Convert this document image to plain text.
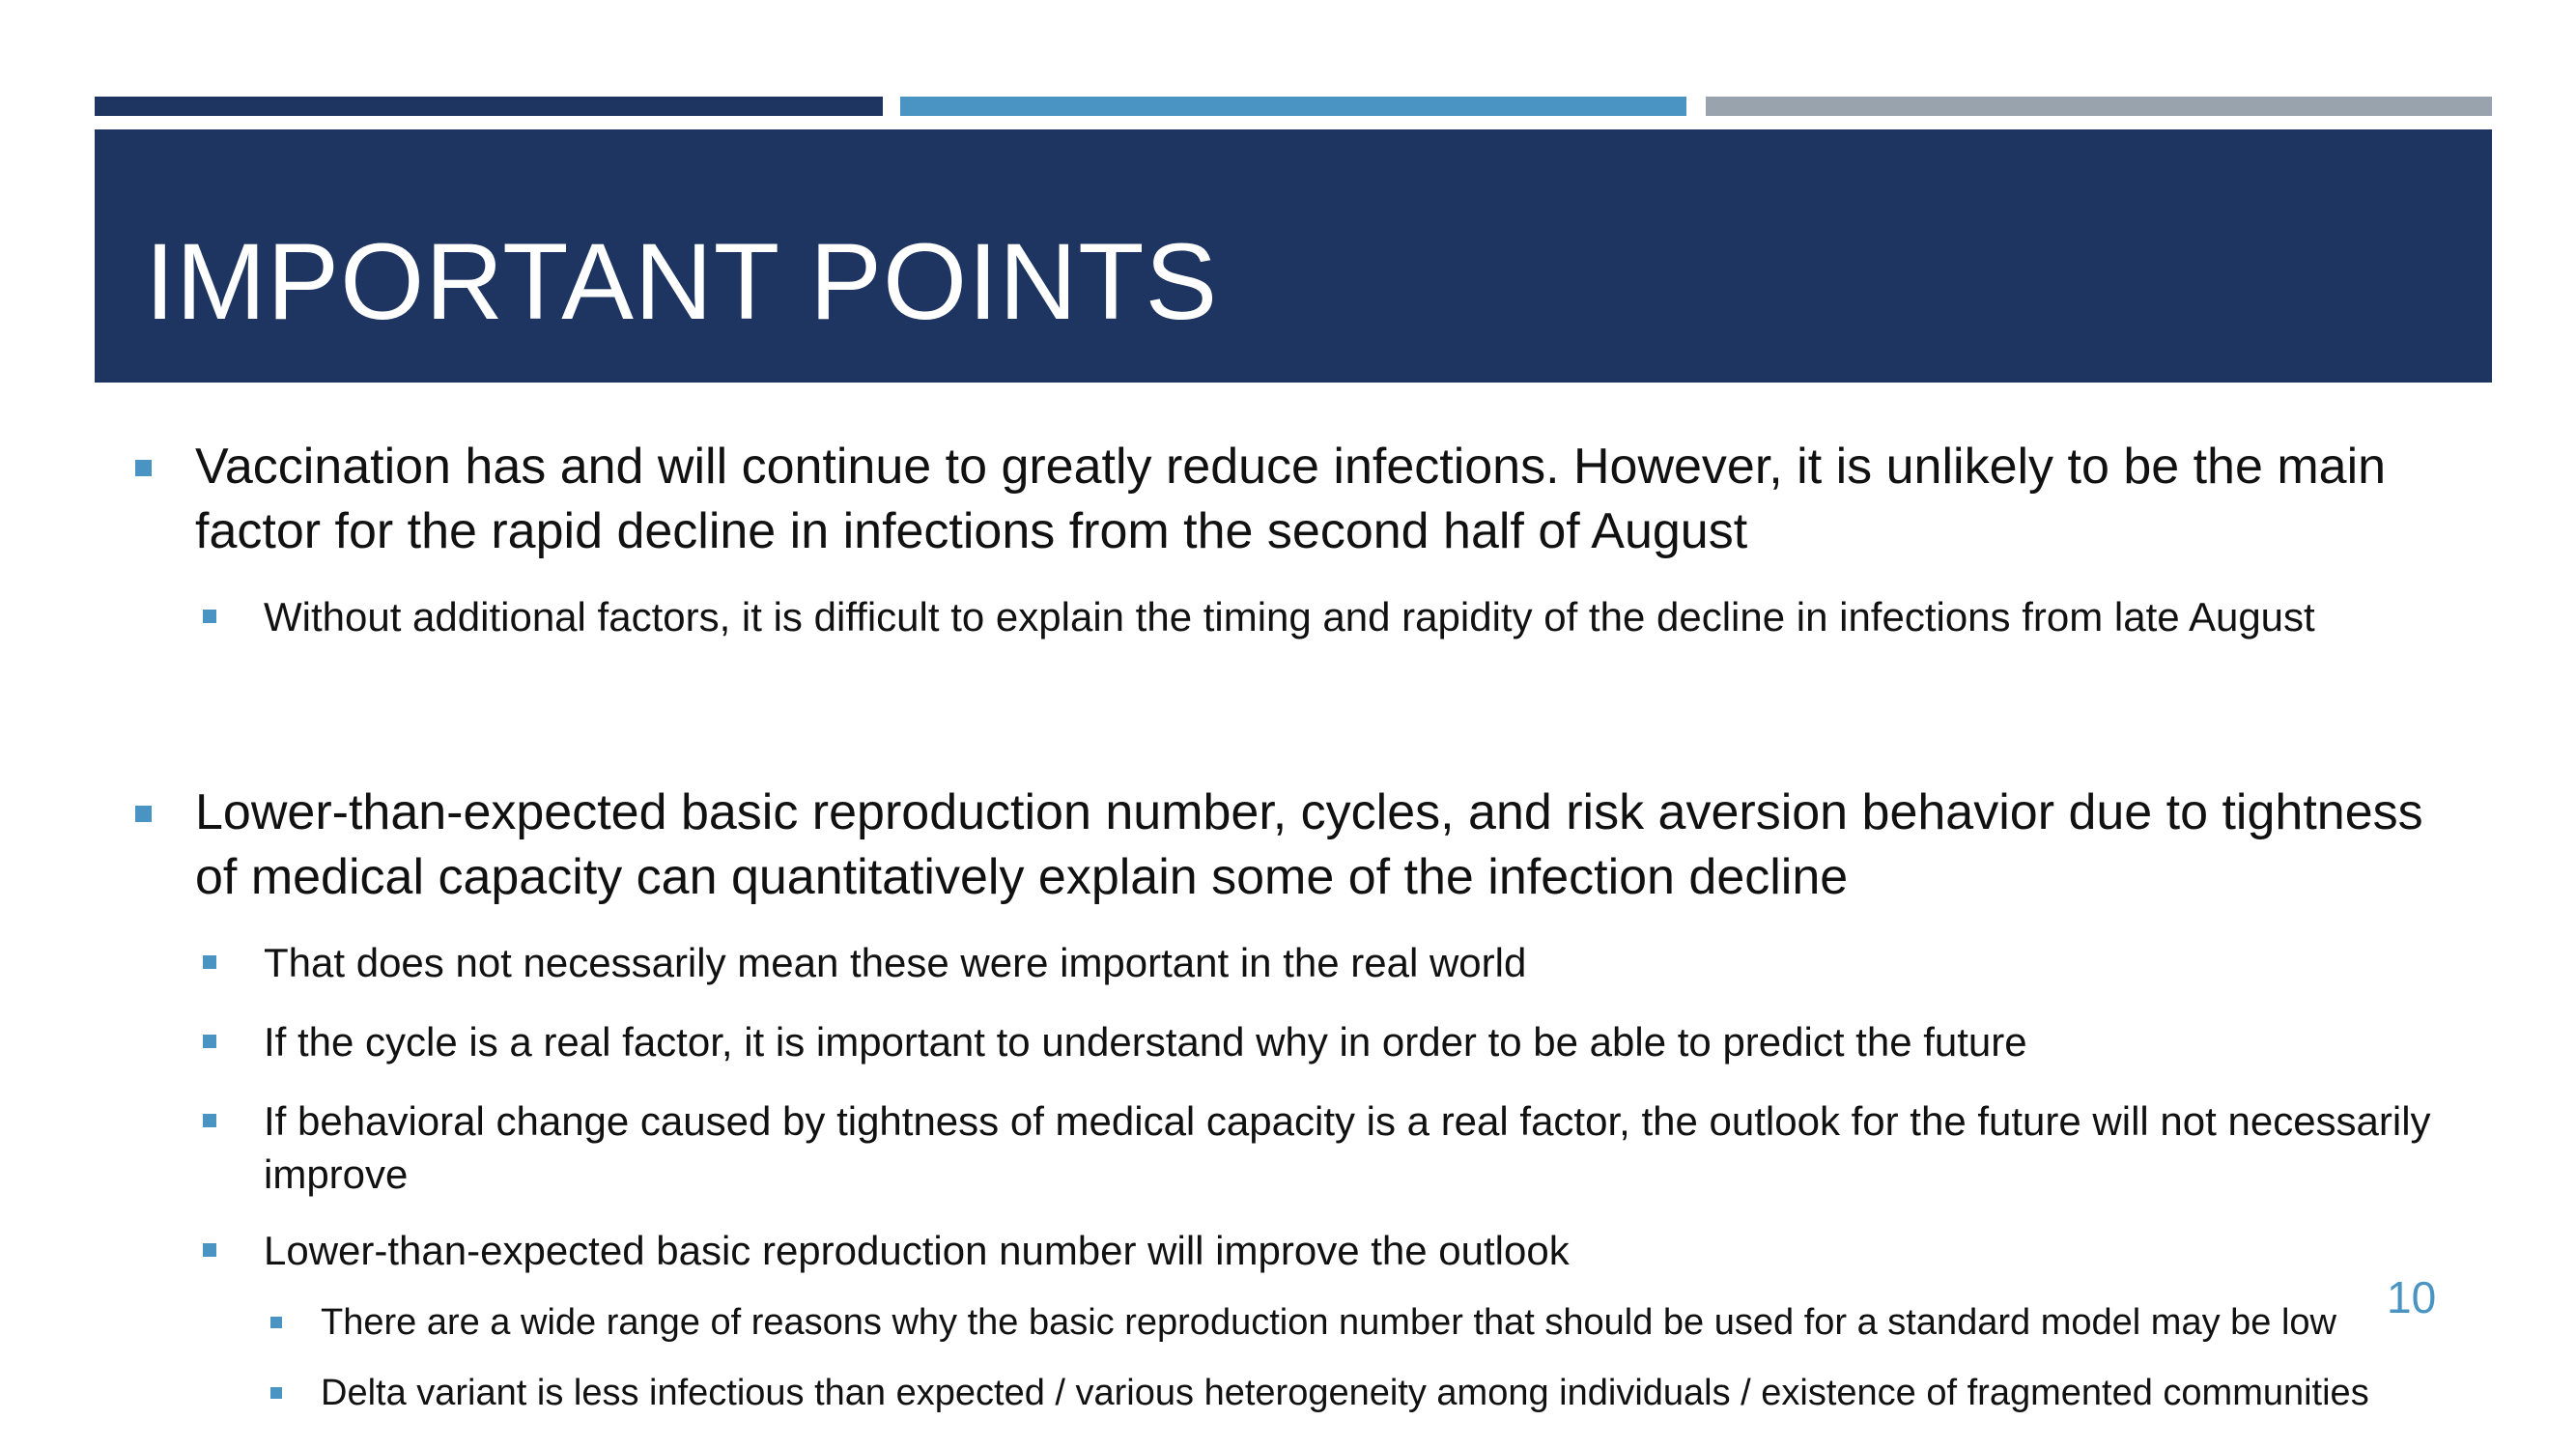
IMPORTANT POINTS
Vaccination has and will continue to greatly reduce infections. However, it is unlikely to be the main factor for the rapid decline in infections from the second half of August
Without additional factors, it is difficult to explain the timing and rapidity of the decline in infections from late August
Lower-than-expected basic reproduction number, cycles, and risk aversion behavior due to tightness of medical capacity can quantitatively explain some of the infection decline
That does not necessarily mean these were important in the real world
If the cycle is a real factor, it is important to understand why in order to be able to predict the future
If behavioral change caused by tightness of medical capacity is a real factor, the outlook for the future will not necessarily improve
Lower-than-expected basic reproduction number will improve the outlook
There are a wide range of reasons why the basic reproduction number that should be used for a standard model may be low
Delta variant is less infectious than expected / various heterogeneity among individuals / existence of fragmented communities
10
